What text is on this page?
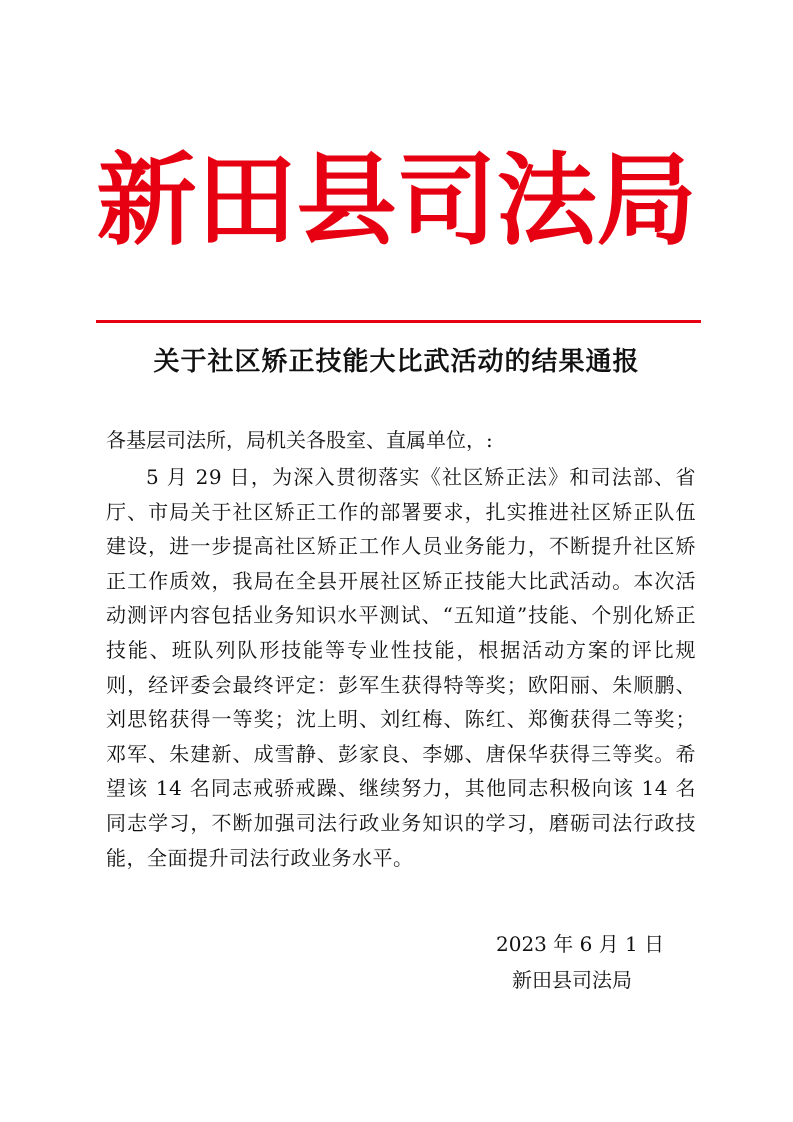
新田县司法局
关于社区矫正技能大比武活动的结果通报
各基层司法所，局机关各股室、直属单位，:

5 月 29 日，为深入贯彻落实《社区矫正法》和司法部、省厅、市局关于社区矫正工作的部署要求，扎实推进社区矫正队伍建设，进一步提高社区矫正工作人员业务能力，不断提升社区矫正工作质效，我局在全县开展社区矫正技能大比武活动。本次活动测评内容包括业务知识水平测试、“五知道”技能、个别化矫正技能、班队列队形技能等专业性技能，根据活动方案的评比规则，经评委会最终评定：彭军生获得特等奖；欧阳丽、朱顺鹏、刘思铭获得一等奖；沈上明、刘红梅、陈红、郑衡获得二等奖；邓军、朱建新、成雪静、彭家良、李娜、唐保华获得三等奖。希望该 14 名同志戒骄戒躁、继续努力，其他同志积极向该 14 名同志学习，不断加强司法行政业务知识的学习，磨砺司法行政技能，全面提升司法行政业务水平。

2023 年 6 月 1 日
新田县司法局
